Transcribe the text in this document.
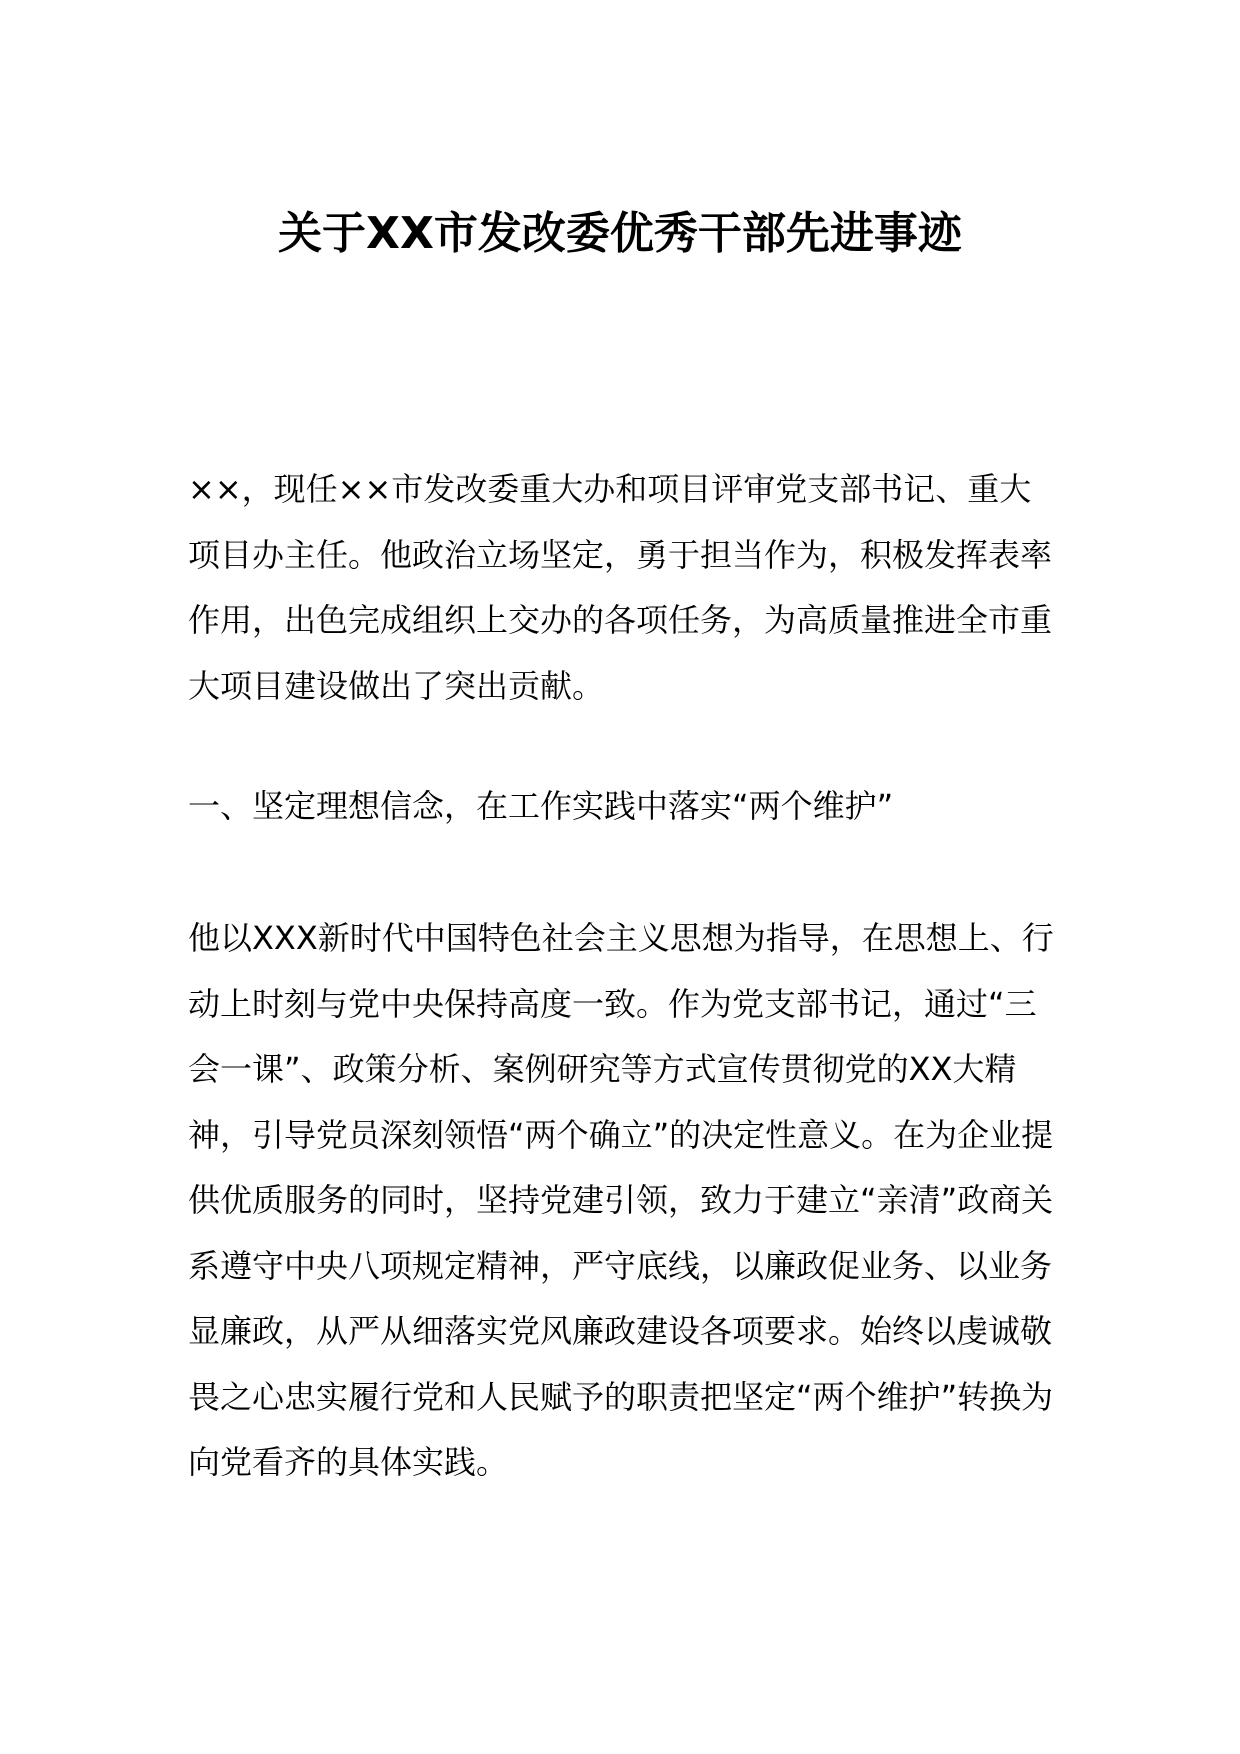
关于XX市发改委优秀干部先进事迹

××，现任××市发改委重大办和项目评审党支部书记、重大项目办主任。他政治立场坚定，勇于担当作为，积极发挥表率作用，出色完成组织上交办的各项任务，为高质量推进全市重大项目建设做出了突出贡献。

一、坚定理想信念，在工作实践中落实“两个维护”

他以XXX新时代中国特色社会主义思想为指导，在思想上、行动上时刻与党中央保持高度一致。作为党支部书记，通过“三会一课”、政策分析、案例研究等方式宣传贯彻党的XX大精神，引导党员深刻领悟“两个确立”的决定性意义。在为企业提供优质服务的同时，坚持党建引领，致力于建立“亲清”政商关系遵守中央八项规定精神，严守底线，以廉政促业务、以业务显廉政，从严从细落实党风廉政建设各项要求。始终以虔诚敬畏之心忠实履行党和人民赋予的职责把坚定“两个维护”转换为向党看齐的具体实践。
